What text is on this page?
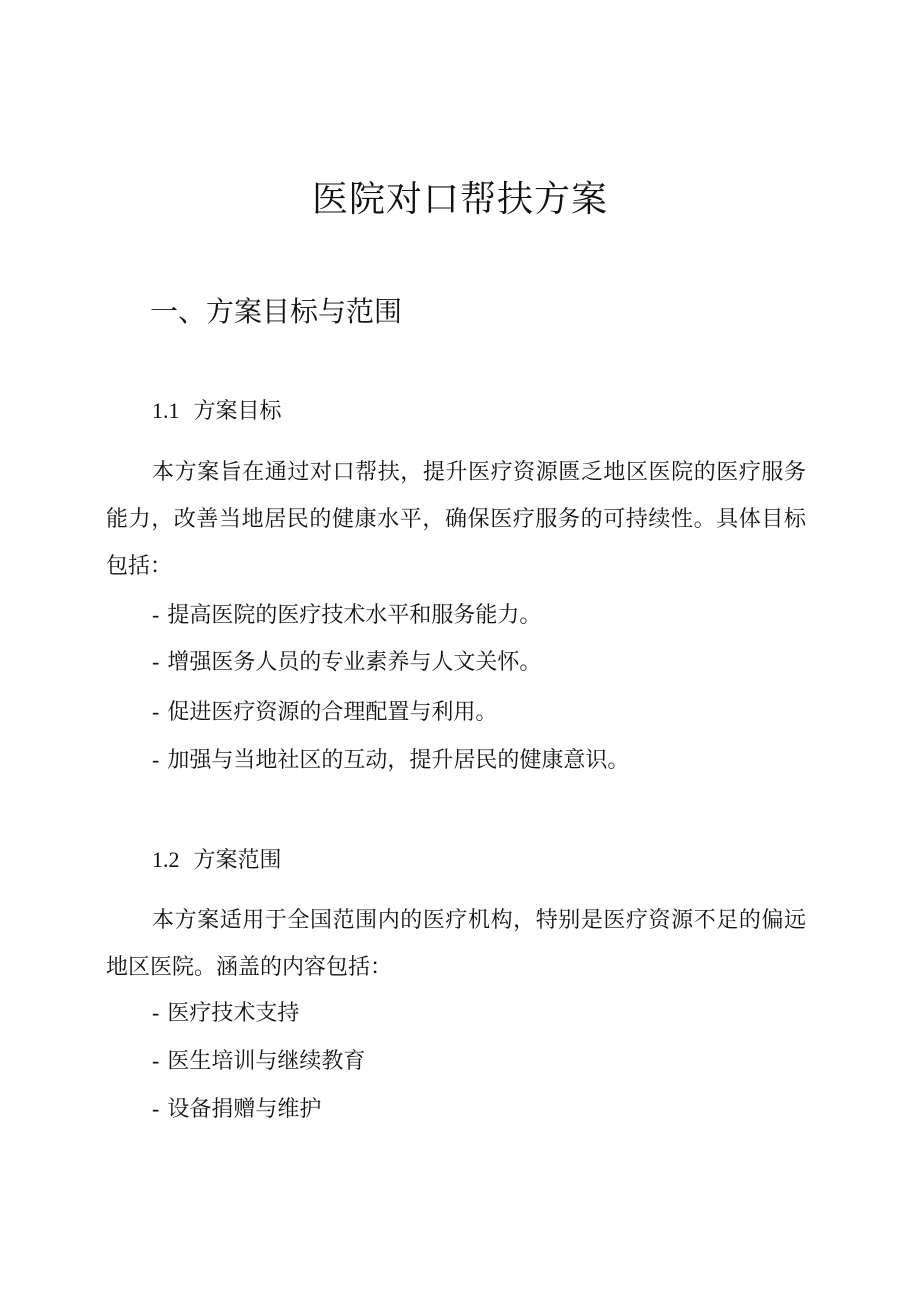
医院对口帮扶方案
一、方案目标与范围
1.1 方案目标

本方案旨在通过对口帮扶，提升医疗资源匮乏地区医院的医疗服务能力，改善当地居民的健康水平，确保医疗服务的可持续性。具体目标包括：

- 提高医院的医疗技术水平和服务能力。

- 增强医务人员的专业素养与人文关怀。

- 促进医疗资源的合理配置与利用。

- 加强与当地社区的互动，提升居民的健康意识。

1.2 方案范围

本方案适用于全国范围内的医疗机构，特别是医疗资源不足的偏远地区医院。涵盖的内容包括：

- 医疗技术支持

- 医生培训与继续教育

- 设备捐赠与维护
